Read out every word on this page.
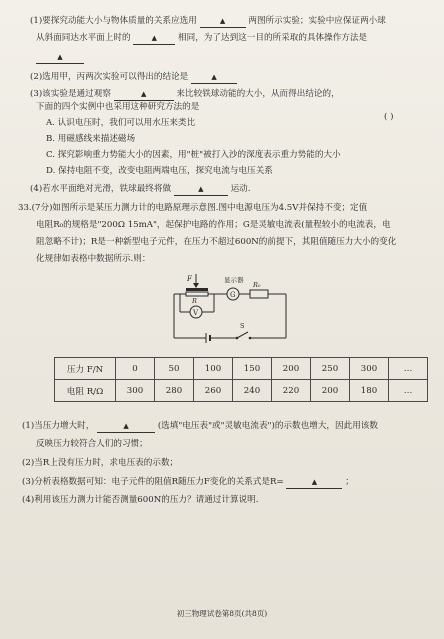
(1)要探究动能大小与物体质量的关系应选用	▲	两图所示实验；实验中应保证两小球
从斜面同达水平面上时的	▲ 相同，为了达到这一目的所采取的具体操作方法是
▲
(2)选用甲，丙两次实验可以得出的结论是	▲
(3)该实验是通过观察	▲	来比较铁球动能的大小，从而得出结论的，
下面的四个实例中也采用这种研究方法的是
( )
A. 认识电压时，我们可以用水压来类比
B. 用磁感线来描述磁场
C. 探究影响重力势能大小的因素，用"桩"被打入沙的深度表示重力势能的大小
D. 保持电阻不变，改变电阻两端电压，探究电流与电压关系
(4)若水平面绝对光滑，铁球最终将做	▲	运动.
33.(7分)如图所示是某压力测力计的电路原理示意图.图中电源电压为4.5V并保持不变；定值
电阻R₀的规格是"200Ω 15mA"，起保护电路的作用；G是灵敏电流表(量程较小的电流表，电
阻忽略不计)；R是一种新型电子元件，在压力不超过600N的前提下，其阻值随压力大小的变化
化规律如表格中数据所示.则：
F
R
G
显示器
R₀
V
S
压力 F/N	0	50	100	150	200	250	300	…
电阻 R/Ω	300	280	260	240	220	200	180	…
(1)当压力增大时，	▲	(选填"电压表"或"灵敏电流表")的示数也增大，因此用该数
反映压力较符合人们的习惯；
(2)当R上没有压力时，求电压表的示数；
(3)分析表格数据可知：电子元件的阻值R随压力F变化的关系式是R=	▲	；
(4)利用该压力测力计能否测量600N的压力？请通过计算说明.
初三物理试卷第8页(共8页)
